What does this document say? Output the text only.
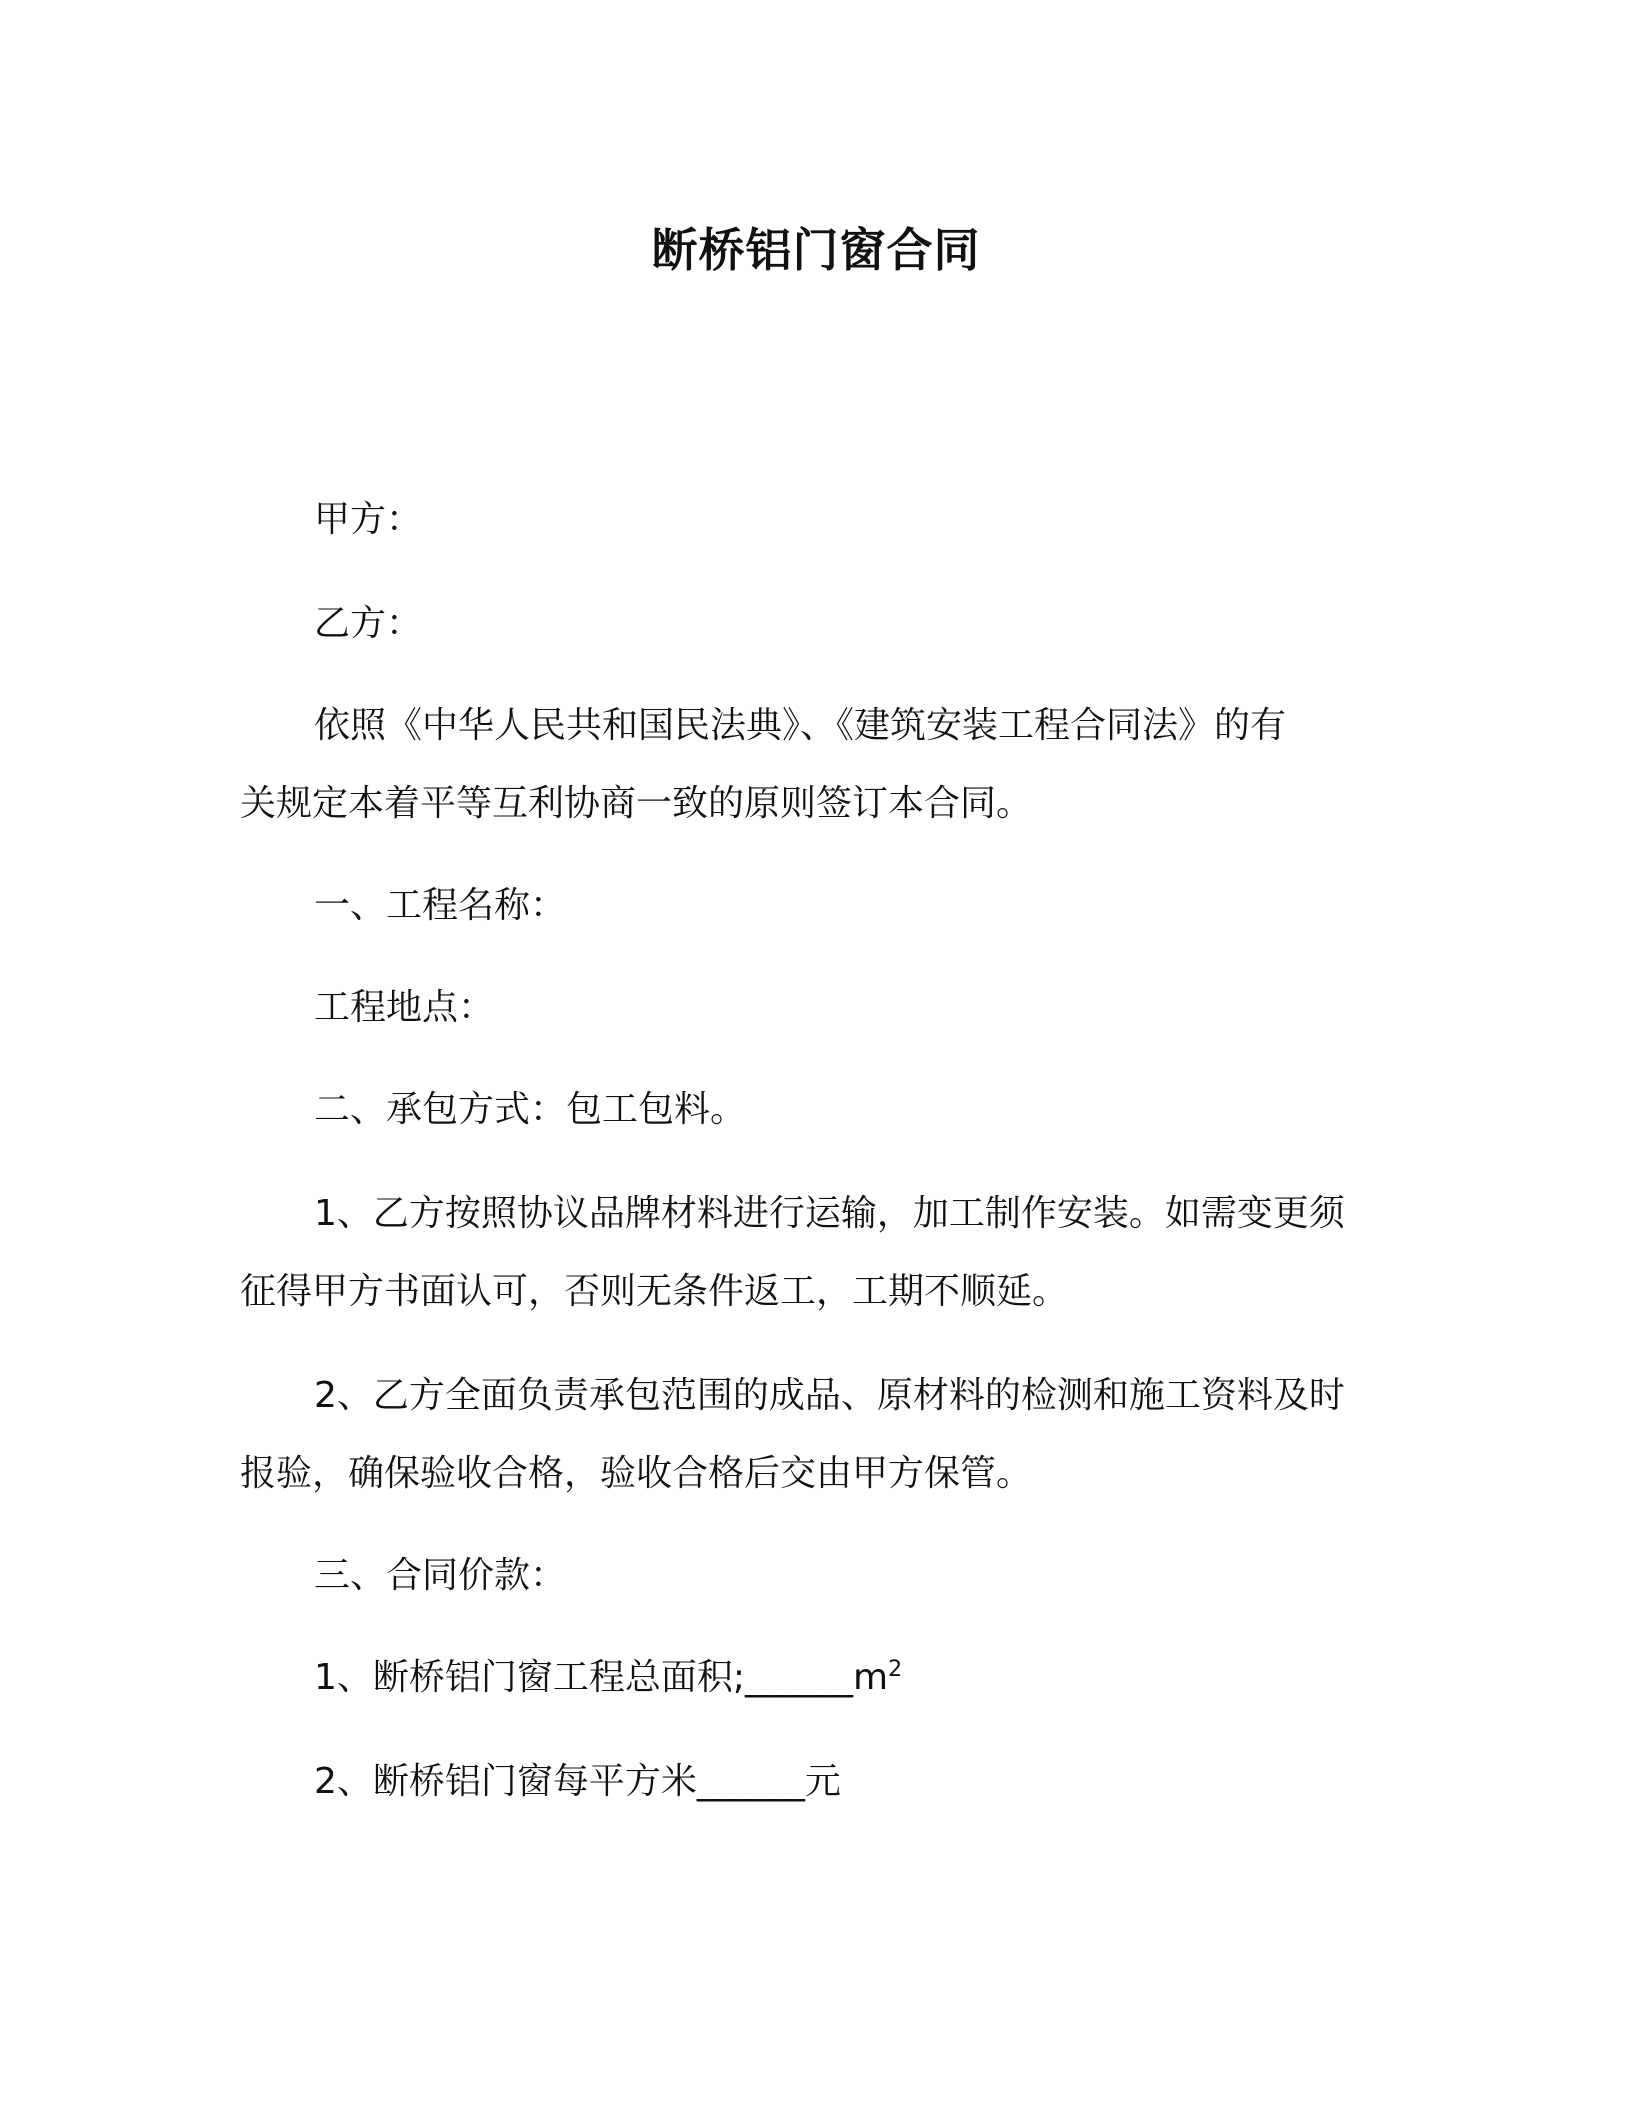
断桥铝门窗合同
甲方：
乙方：
依照《中华人民共和国民法典》、《建筑安装工程合同法》的有
关规定本着平等互利协商一致的原则签订本合同。
一、工程名称：
工程地点：
二、承包方式：包工包料。
1、乙方按照协议品牌材料进行运输，加工制作安装。如需变更须
征得甲方书面认可，否则无条件返工，工期不顺延。
2、乙方全面负责承包范围的成品、原材料的检测和施工资料及时
报验，确保验收合格，验收合格后交由甲方保管。
三、合同价款：
1、断桥铝门窗工程总面积$;\_\_\_\_\_\_m^2$
2、断桥铝门窗每平方米______元
